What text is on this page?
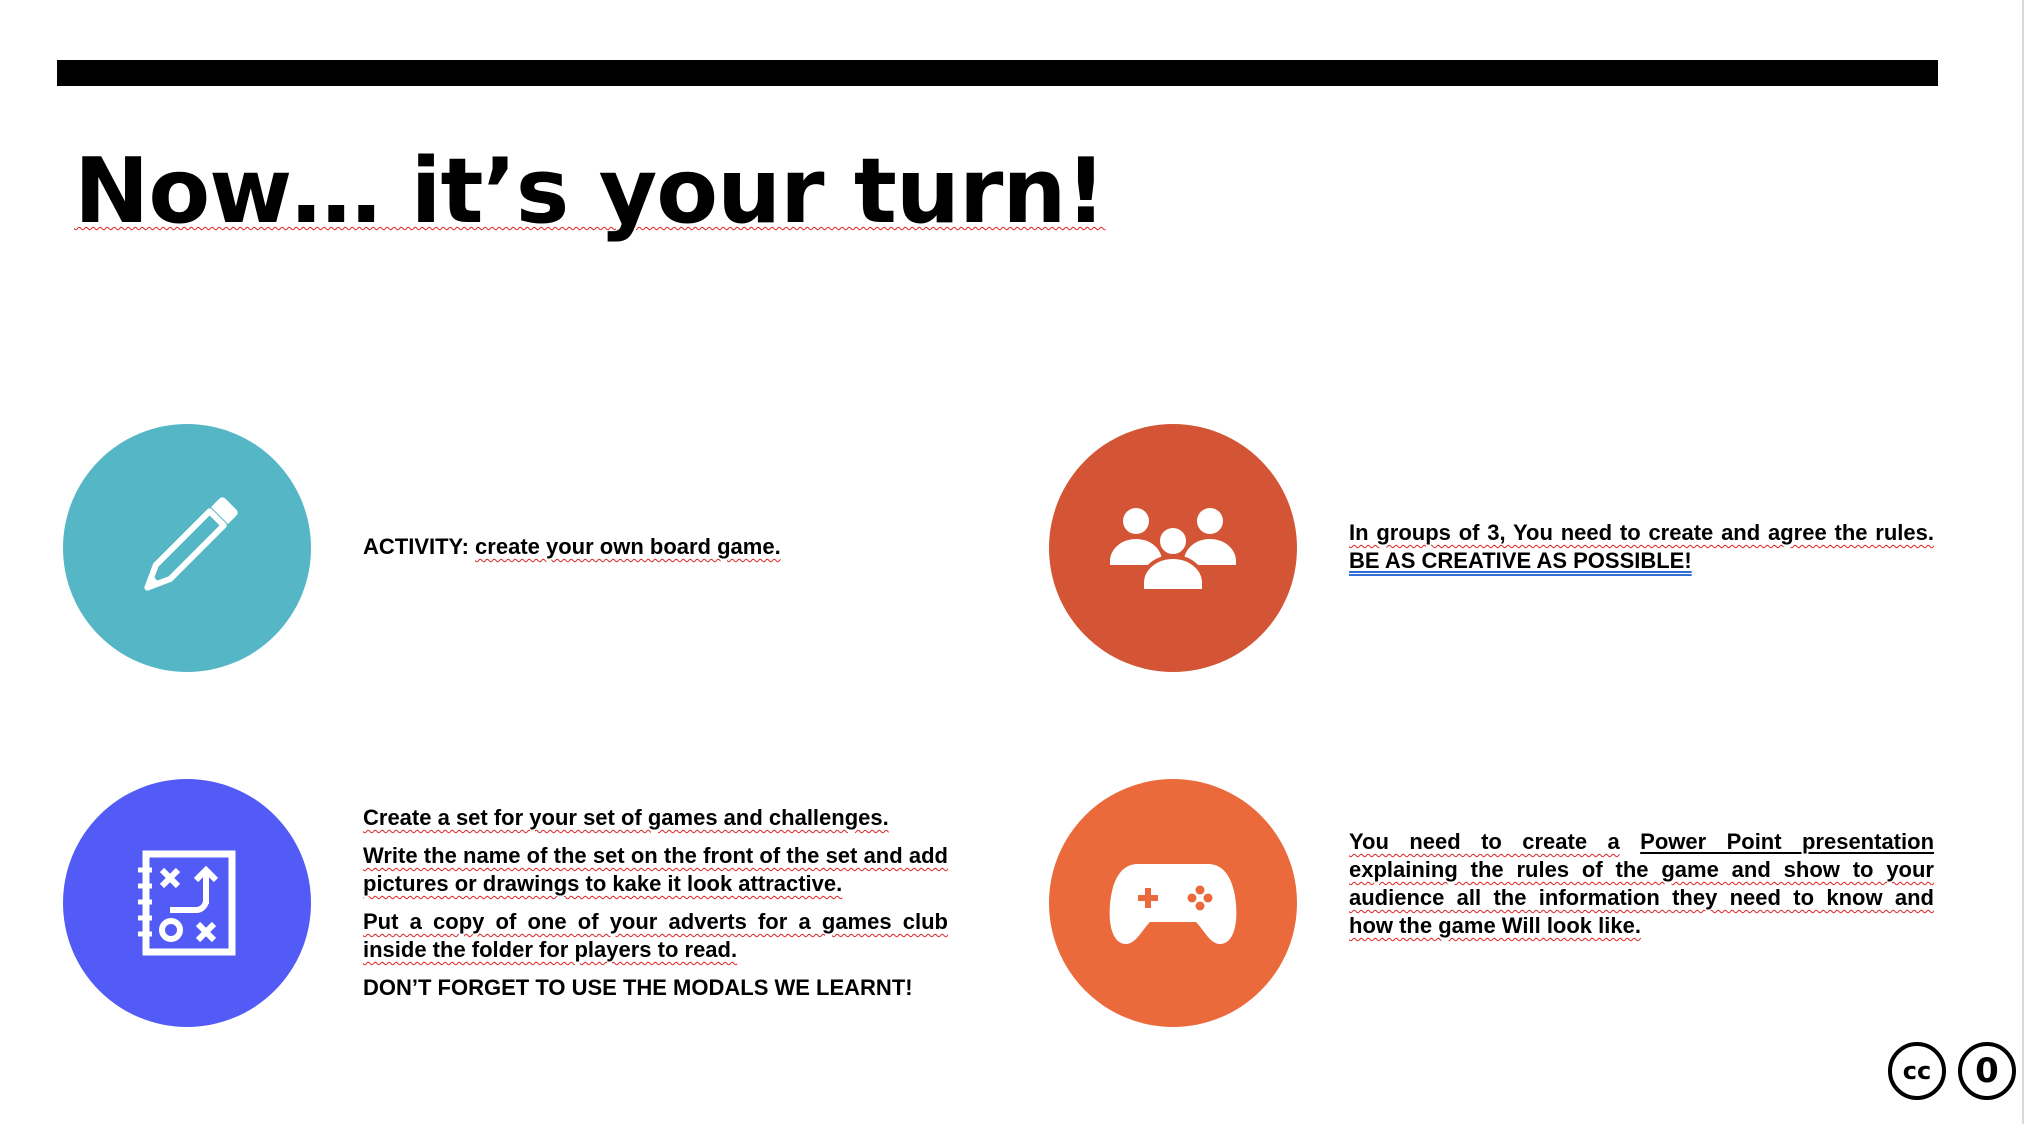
Now… it’s your turn!
ACTIVITY: create your own board game.
In groups of 3, You need to create and agree the rules. BE AS CREATIVE AS POSSIBLE!

Create a set for your set of games and challenges.

Write the name of the set on the front of the set and add pictures or drawings to kake it look attractive.

Put a copy of one of your adverts for a games club inside the folder for players to read.

DON’T FORGET TO USE THE MODALS WE LEARNT!

You need to create a Power Point presentation explaining the rules of the game and show to your audience all the information they need to know and how the game Will look like.
cc	0
